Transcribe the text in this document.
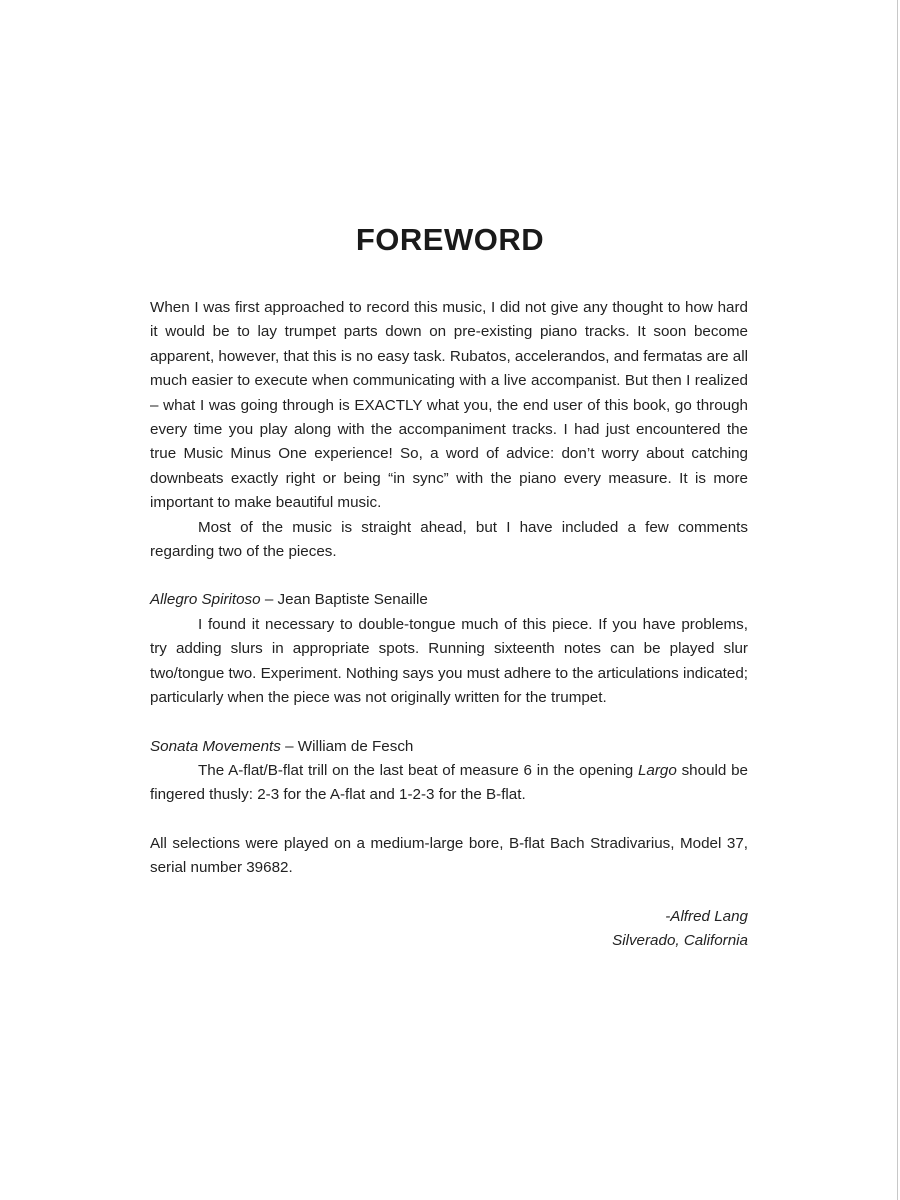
FOREWORD

When I was first approached to record this music, I did not give any thought to how hard it would be to lay trumpet parts down on pre-existing piano tracks. It soon become apparent, however, that this is no easy task. Rubatos, accelerandos, and fermatas are all much easier to execute when communicating with a live accompanist. But then I realized – what I was going through is EXACTLY what you, the end user of this book, go through every time you play along with the accompaniment tracks. I had just encountered the true Music Minus One experience! So, a word of advice: don’t worry about catching downbeats exactly right or being “in sync” with the piano every measure. It is more important to make beautiful music.

Most of the music is straight ahead, but I have included a few comments regarding two of the pieces.

Allegro Spiritoso – Jean Baptiste Senaille

I found it necessary to double-tongue much of this piece. If you have problems, try adding slurs in appropriate spots. Running sixteenth notes can be played slur two/tongue two. Experiment. Nothing says you must adhere to the articulations indicated; particularly when the piece was not originally written for the trumpet.

Sonata Movements – William de Fesch

The A-flat/B-flat trill on the last beat of measure 6 in the opening Largo should be fingered thusly: 2-3 for the A-flat and 1-2-3 for the B-flat.

All selections were played on a medium-large bore, B-flat Bach Stradivarius, Model 37, serial number 39682.

-Alfred Lang

Silverado, California
